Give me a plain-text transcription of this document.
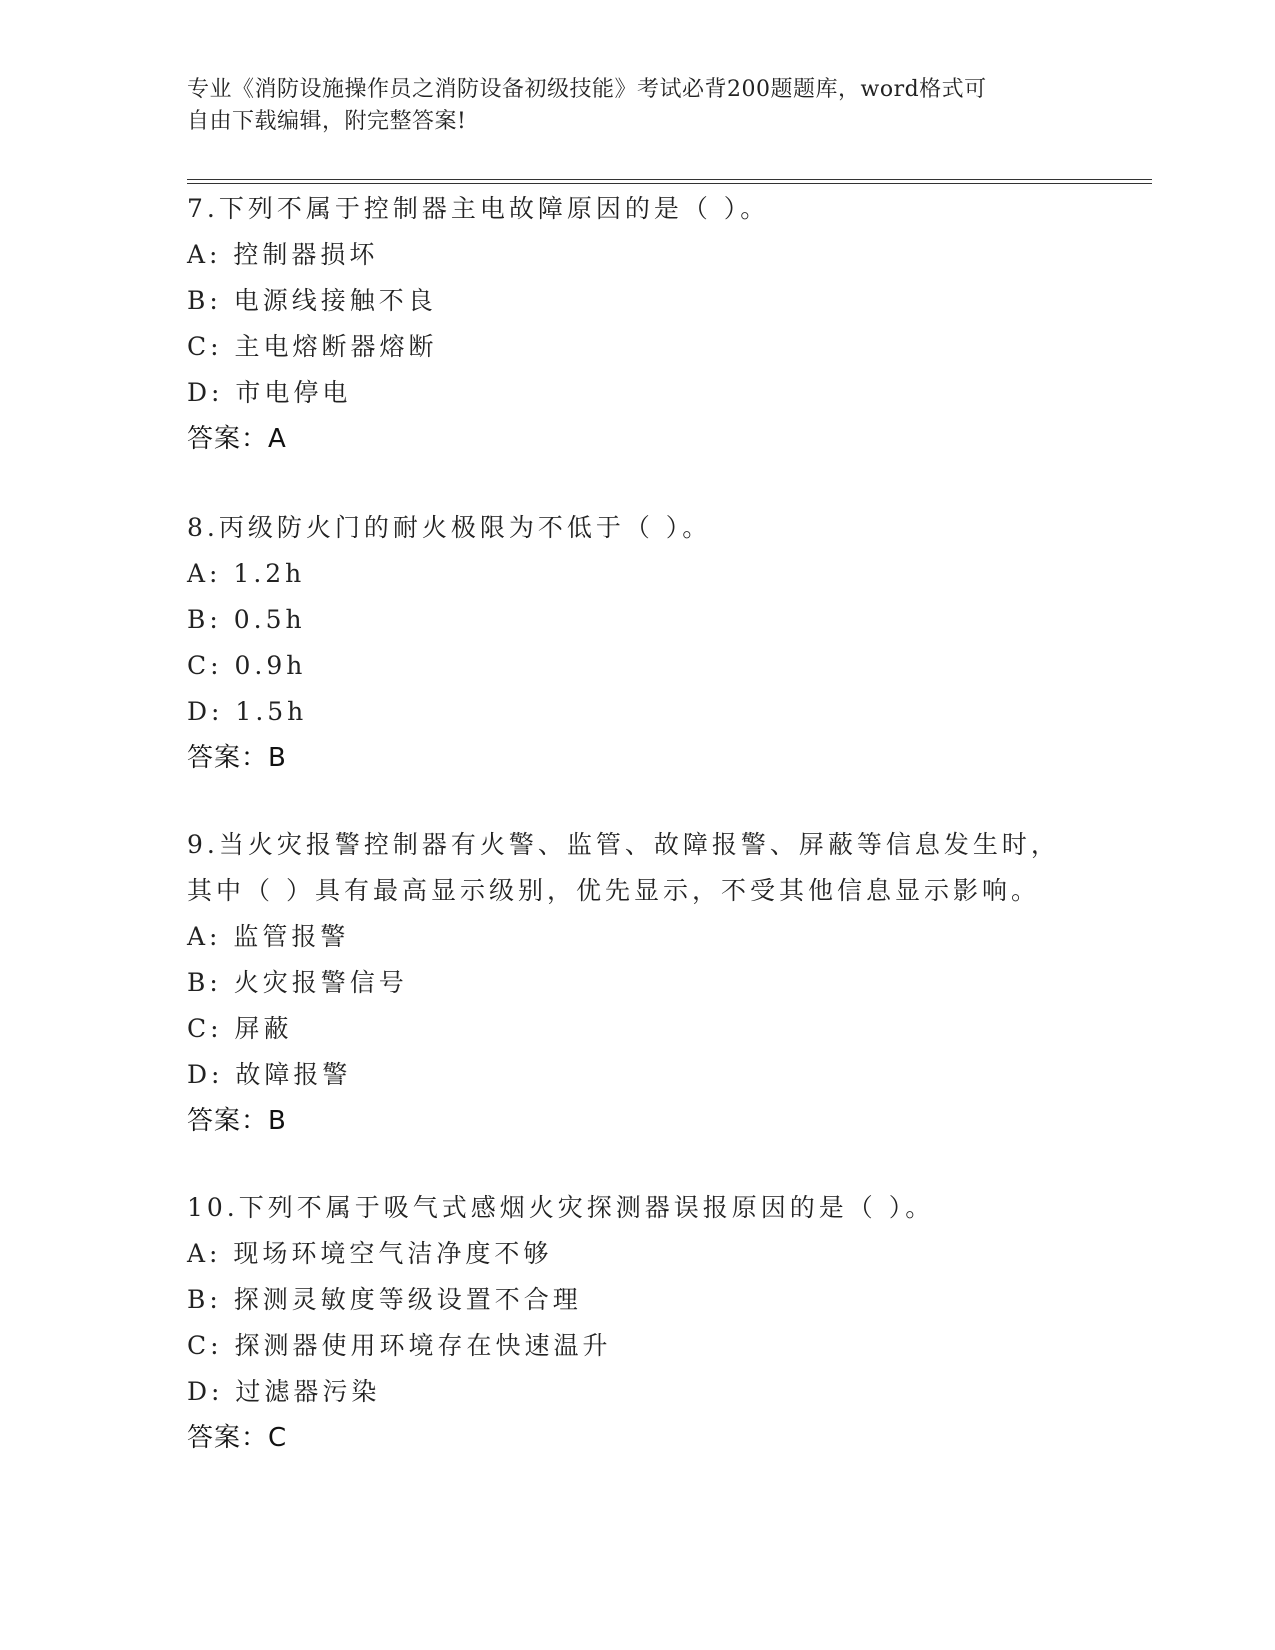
专业《消防设施操作员之消防设备初级技能》考试必背200题题库，word格式可
自由下载编辑，附完整答案!
7.下列不属于控制器主电故障原因的是（ ）。
A: 控制器损坏
B: 电源线接触不良
C: 主电熔断器熔断
D: 市电停电
答案：A
8.丙级防火门的耐火极限为不低于（ ）。
A: 1.2h
B: 0.5h
C: 0.9h
D: 1.5h
答案：B
9.当火灾报警控制器有火警、监管、故障报警、屏蔽等信息发生时，
其中（ ）具有最高显示级别，优先显示，不受其他信息显示影响。
A: 监管报警
B: 火灾报警信号
C: 屏蔽
D: 故障报警
答案：B
10.下列不属于吸气式感烟火灾探测器误报原因的是（ ）。
A: 现场环境空气洁净度不够
B: 探测灵敏度等级设置不合理
C: 探测器使用环境存在快速温升
D: 过滤器污染
答案：C
